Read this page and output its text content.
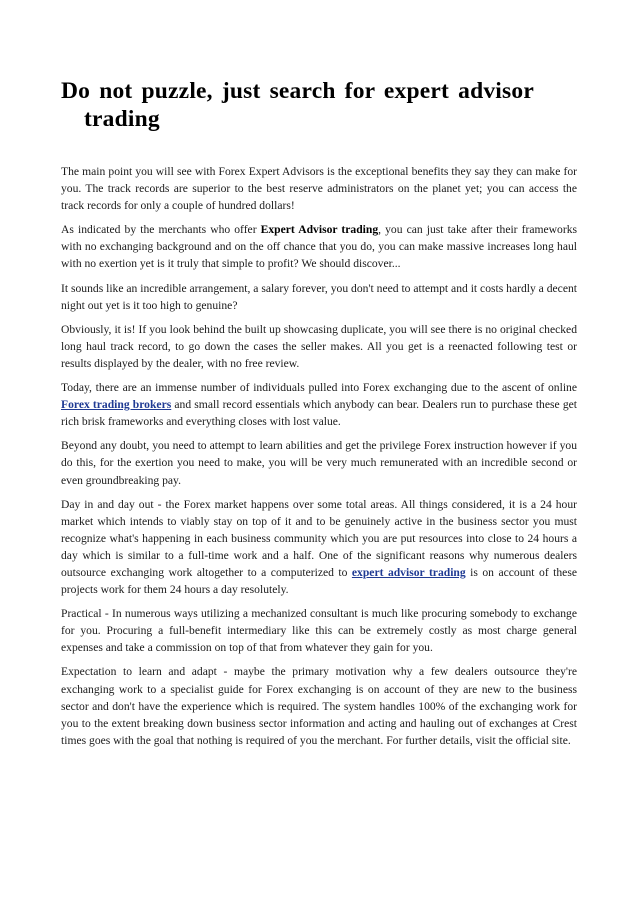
Do not puzzle, just search for expert advisor
trading

The main point you will see with Forex Expert Advisors is the exceptional benefits they say they can make for you. The track records are superior to the best reserve administrators on the planet yet; you can access the track records for only a couple of hundred dollars!

As indicated by the merchants who offer Expert Advisor trading, you can just take after their frameworks with no exchanging background and on the off chance that you do, you can make massive increases long haul with no exertion yet is it truly that simple to profit? We should discover...

It sounds like an incredible arrangement, a salary forever, you don't need to attempt and it costs hardly a decent night out yet is it too high to genuine?

Obviously, it is! If you look behind the built up showcasing duplicate, you will see there is no original checked long haul track record, to go down the cases the seller makes. All you get is a reenacted following test or results displayed by the dealer, with no free review.

Today, there are an immense number of individuals pulled into Forex exchanging due to the ascent of online Forex trading brokers and small record essentials which anybody can bear. Dealers run to purchase these get rich brisk frameworks and everything closes with lost value.

Beyond any doubt, you need to attempt to learn abilities and get the privilege Forex instruction however if you do this, for the exertion you need to make, you will be very much remunerated with an incredible second or even groundbreaking pay.

Day in and day out - the Forex market happens over some total areas. All things considered, it is a 24 hour market which intends to viably stay on top of it and to be genuinely active in the business sector you must recognize what's happening in each business community which you are put resources into close to 24 hours a day which is similar to a full-time work and a half. One of the significant reasons why numerous dealers outsource exchanging work altogether to a computerized to expert advisor trading is on account of these projects work for them 24 hours a day resolutely.

Practical - In numerous ways utilizing a mechanized consultant is much like procuring somebody to exchange for you. Procuring a full-benefit intermediary like this can be extremely costly as most charge general expenses and take a commission on top of that from whatever they gain for you.

Expectation to learn and adapt - maybe the primary motivation why a few dealers outsource they're exchanging work to a specialist guide for Forex exchanging is on account of they are new to the business sector and don't have the experience which is required. The system handles 100% of the exchanging work for you to the extent breaking down business sector information and acting and hauling out of exchanges at Crest times goes with the goal that nothing is required of you the merchant. For further details, visit the official site.
